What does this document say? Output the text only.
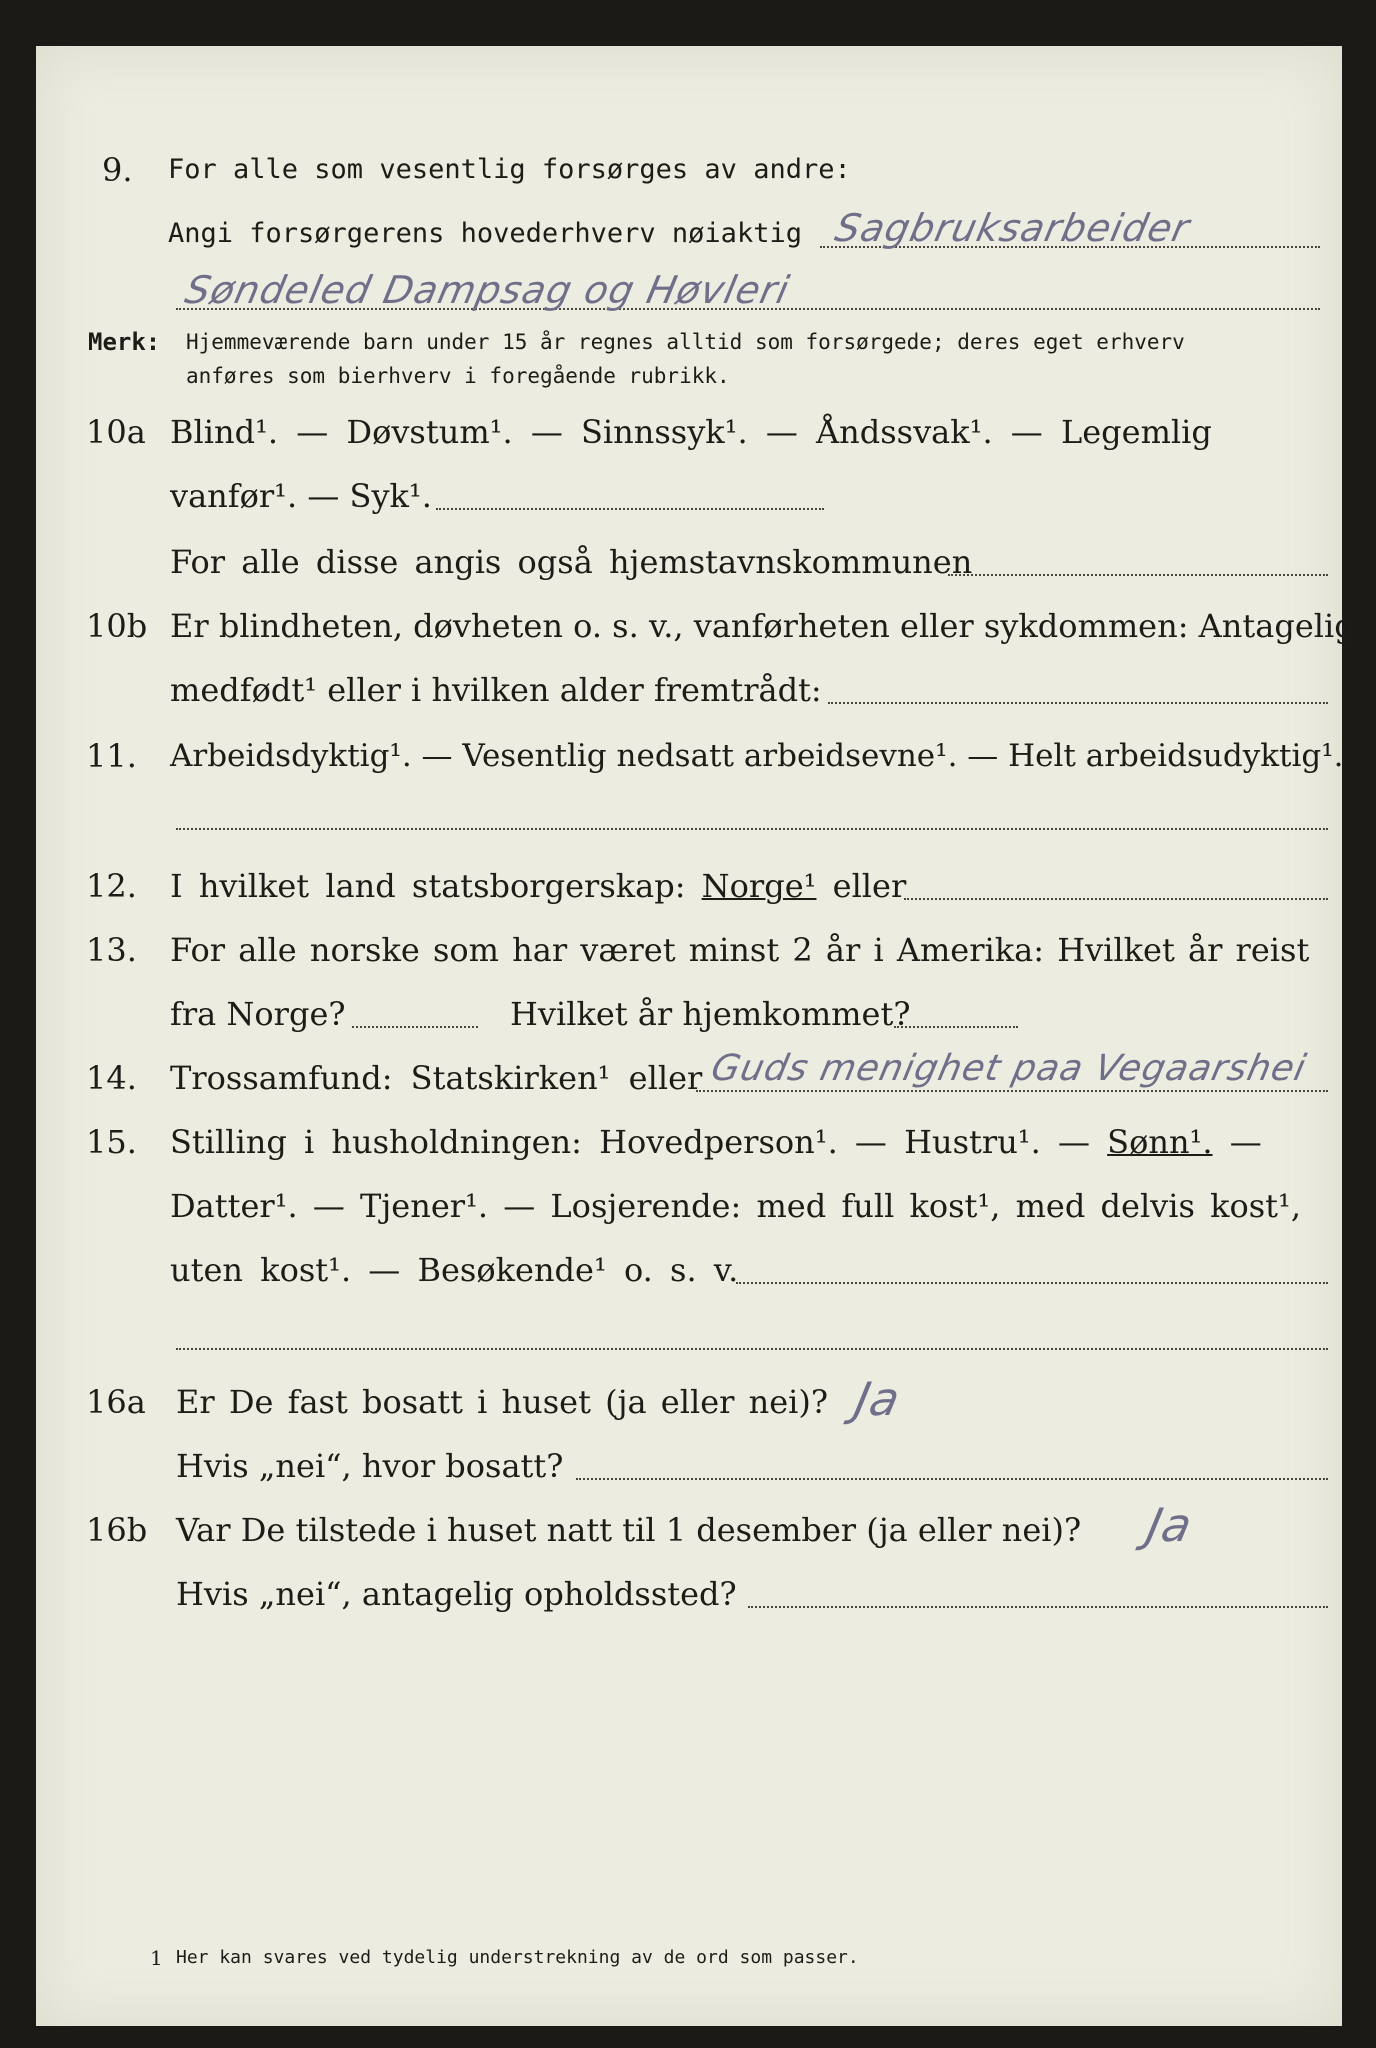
9. For alle som vesentlig forsørges av andre:
Angi forsørgerens hovederhverv nøiaktig Sagbruksarbeider
Søndeled Dampsag og Høvleri
Merk: Hjemmeværende barn under 15 år regnes alltid som forsørgede; deres eget erhverv
anføres som bierhverv i foregående rubrikk.
10a Blind¹. — Døvstum¹. — Sinnssyk¹. — Åndssvak¹. — Legemlig
vanfør¹. — Syk¹.
For alle disse angis også hjemstavnskommunen
10b Er blindheten, døvheten o. s. v., vanførheten eller sykdommen: Antagelig
medfødt¹ eller i hvilken alder fremtrådt:
11. Arbeidsdyktig¹. — Vesentlig nedsatt arbeidsevne¹. — Helt arbeidsudyktig¹.
12. I hvilket land statsborgerskap: Norge¹ eller
13. For alle norske som har været minst 2 år i Amerika: Hvilket år reist
fra Norge?	Hvilket år hjemkommet?
14. Trossamfund: Statskirken¹ eller Guds menighet paa Vegaarshei
15. Stilling i husholdningen: Hovedperson¹. — Hustru¹. — Sønn¹. —
Datter¹. — Tjener¹. — Losjerende: med full kost¹, med delvis kost¹,
uten kost¹. — Besøkende¹ o. s. v.
16a Er De fast bosatt i huset (ja eller nei)? Ja
Hvis „nei“, hvor bosatt?
16b Var De tilstede i huset natt til 1 desember (ja eller nei)? Ja
Hvis „nei“, antagelig opholdssted?
1 Her kan svares ved tydelig understrekning av de ord som passer.
